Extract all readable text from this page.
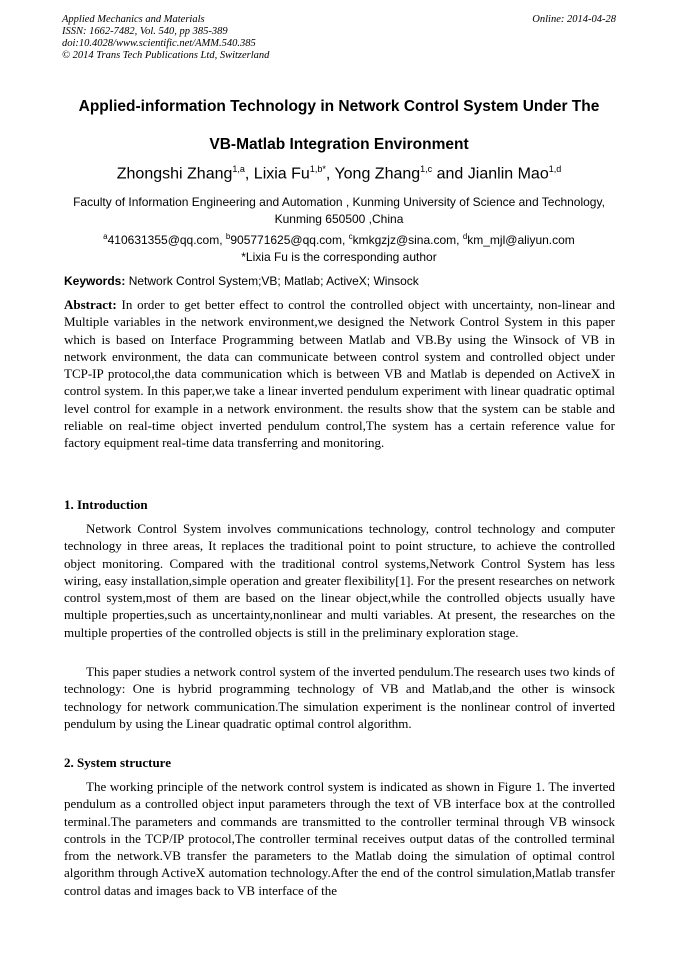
Applied Mechanics and Materials
ISSN: 1662-7482, Vol. 540, pp 385-389
doi:10.4028/www.scientific.net/AMM.540.385
© 2014 Trans Tech Publications Ltd, Switzerland
Online: 2014-04-28
Applied-information Technology in Network Control System Under The
VB-Matlab Integration Environment
Zhongshi Zhang$^{1,a}$, Lixia $Fu^{1,b*}$, Yong Zhang$^{1,c}$ and Jianlin Mao$^{1,d}$
Faculty of Information Engineering and Automation , Kunming University of Science and Technology,
Kunming 650500 ,China
$^a$410631355@qq.com, $^b$905771625@qq.com, $^c$kmkgzjz@sina.com, $^d$km_mjl@aliyun.com
*Lixia Fu is the corresponding author
Keywords: Network Control System;VB; Matlab; ActiveX; Winsock
Abstract: In order to get better effect to control the controlled object with uncertainty, non-linear and Multiple variables in the network environment,we designed the Network Control System in this paper which is based on Interface Programming between Matlab and VB.By using the Winsock of VB in network environment, the data can communicate between control system and controlled object under TCP-IP protocol,the data communication which is between VB and Matlab is depended on ActiveX in control system. In this paper,we take a linear inverted pendulum experiment with linear quadratic optimal level control for example in a network environment. the results show that the system can be stable and reliable on real-time object inverted pendulum control,The system has a certain reference value for factory equipment real-time data transferring and monitoring.
1. Introduction
Network Control System involves communications technology, control technology and computer technology in three areas, It replaces the traditional point to point structure, to achieve the controlled object monitoring. Compared with the traditional control systems,Network Control System has less wiring, easy installation,simple operation and greater flexibility[1]. For the present researches on network control system,most of them are based on the linear object,while the controlled objects usually have multiple properties,such as uncertainty,nonlinear and multi variables. At present, the researches on the multiple properties of the controlled objects is still in the preliminary exploration stage.
This paper studies a network control system of the inverted pendulum.The research uses two kinds of technology: One is hybrid programming technology of VB and Matlab,and the other is winsock technology for network communication.The simulation experiment is the nonlinear control of inverted pendulum by using the Linear quadratic optimal control algorithm.
2. System structure
The working principle of the network control system is indicated as shown in Figure 1. The inverted pendulum as a controlled object input parameters through the text of VB interface box at the controlled terminal.The parameters and commands are transmitted to the controller terminal through VB winsock controls in the TCP/IP protocol,The controller terminal receives output datas of the controlled terminal from the network.VB transfer the parameters to the Matlab doing the simulation of optimal control algorithm through ActiveX automation technology.After the end of the control simulation,Matlab transfer control datas and images back to VB interface of the
